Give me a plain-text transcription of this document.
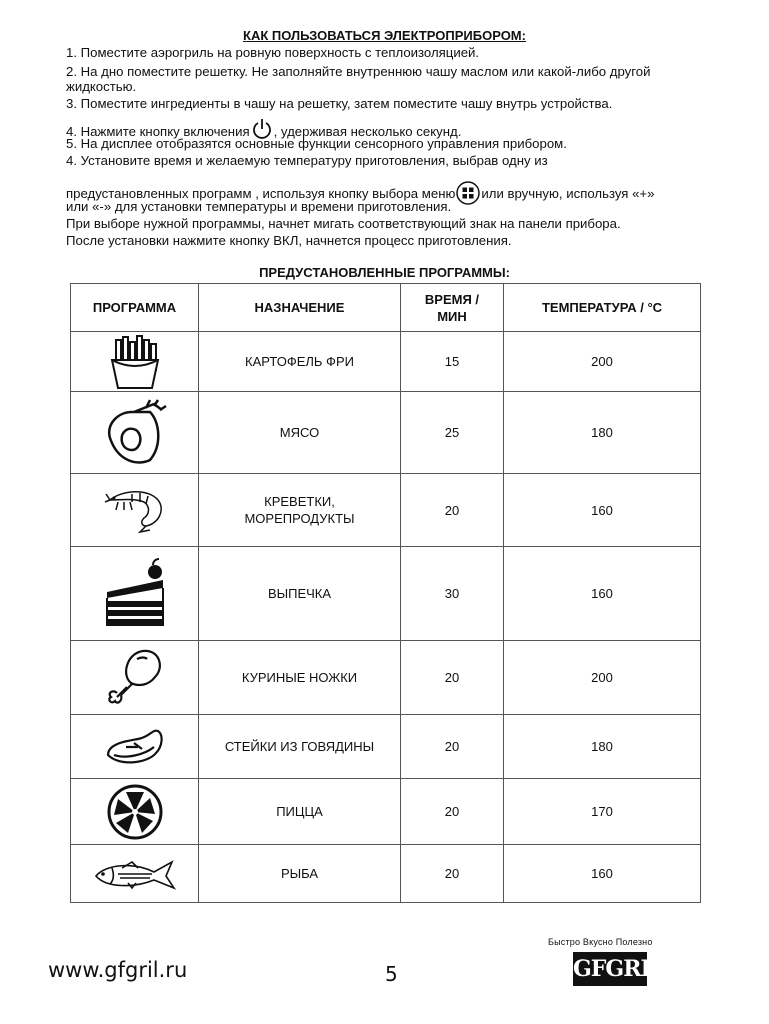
КАК ПОЛЬЗОВАТЬСЯ ЭЛЕКТРОПРИБОРОМ:
1. Поместите аэрогриль на ровную поверхность с теплоизоляцией.
2. На дно поместите решетку. Не заполняйте внутреннюю чашу маслом или какой-либо другой
жидкостью.
3. Поместите ингредиенты в чашу на решетку, затем поместите чашу внутрь устройства.
4. Нажмите кнопку включения , удерживая несколько секунд.
5. На дисплее отобразятся основные функции сенсорного управления прибором.
4. Установите время и желаемую температуру приготовления, выбрав одну из
предустановленных программ , используя кнопку выбора меню или вручную, используя «+»
или «-» для установки температуры и времени приготовления.
При выборе нужной программы, начнет мигать соответствующий знак на панели прибора.
После установки нажмите кнопку ВКЛ, начнется процесс приготовления.
ПРЕДУСТАНОВЛЕННЫЕ ПРОГРАММЫ:
ПРОГРАММА	НАЗНАЧЕНИЕ	ВРЕМЯ / МИН	ТЕМПЕРАТУРА / °C

	КАРТОФЕЛЬ ФРИ	15	200

	МЯСО	25	180

	КРЕВЕТКИ, МОРЕПРОДУКТЫ	20	160

	ВЫПЕЧКА	30	160

	КУРИНЫЕ НОЖКИ	20	200

	СТЕЙКИ ИЗ ГОВЯДИНЫ	20	180

	ПИЦЦА	20	170

	РЫБА	20	160
Быстро Вкусно Полезно
GFGRIL
www.gfgril.ru	5
